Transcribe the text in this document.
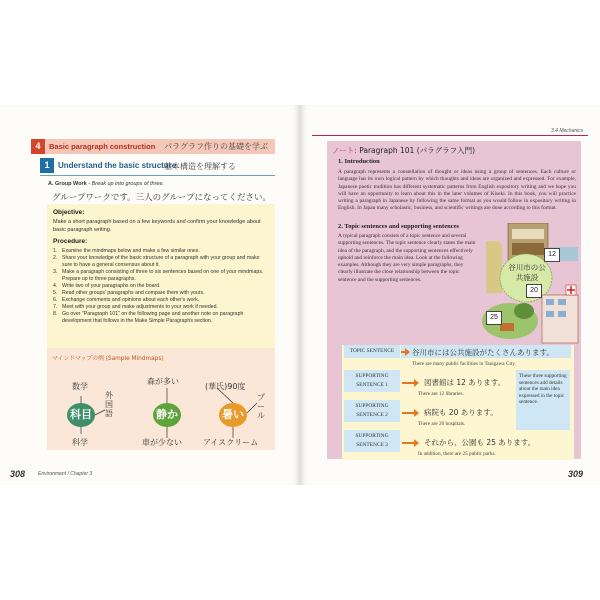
4	Basic paragraph construction パラグラフ作りの基礎を学ぶ
1	Understand the basic structure
基本構造を理解する
A. Group Work - Break up into groups of three.
グループワークです。三人のグループになってください。
Objective:
Make a short paragraph based on a few keywords and confirm your knowledge about basic paragraph writing.
Procedure:
1. Examine the mindmaps below and make a few similar ones.
2. Share your knowledge of the basic structure of a paragraph with your group and make sure to have a general consensus about it.
3. Make a paragraph consisting of three to six sentences based on one of your mindmaps. Prepare up to three paragraphs.
4. Write two of your paragraphs on the board.
5. Read other groups' paragraphs and compare them with yours.
6. Exchange comments and opinions about each other's work.
7. Meet with your group and make adjustments to your work if needed.
8. Go over "Paragraph 101" on the following page and another note on paragraph development that follows in the Make Simple Paragraphs section.
マインドマップの例 (Sample Mindmaps)
科目
数学
外国語
科学
静か
森が多い
車が少ない
暑い
(華氏)90度
プール
アイスクリーム
308	Environment / Chapter 3
3.4 Mechanics
ノート: Paragraph 101 (パラグラフ入門)
1. Introduction
A paragraph represents a constellation of thought or ideas using a group of sentences. Each culture or language has its own logical pattern by which thoughts and ideas are organized and expressed. For example, Japanese poetic tradition has different systematic patterns from English expository writing and we hope you will have an opportunity to learn about this in the later volumes of Kiseki. In this book, you will practice writing a paragraph in Japanese by following the same format as you would follow in expository writing in English. In Japan many scholastic, business, and scientific writings are done according to this format.
2. Topic sentences and supporting sentences
A typical paragraph consists of a topic sentence and several supporting sentences. The topic sentence clearly states the main idea of the paragraph, and the supporting sentences effectively uphold and reinforce the main idea. Look at the following examples. Although they are very simple paragraphs, they clearly illustrate the close relationship between the topic sentence and the supporting sentences.
谷川市の公共施設
12
20
25
TOPIC SENTENCE	谷川市には公共施設がたくさんあります。
There are many public facilities in Tanigawa City.
SUPPORTING SENTENCE 1	図書館は 12 あります。
There are 12 libraries.
SUPPORTING SENTENCE 2	病院も 20 あります。
There are 20 hospitals.
SUPPORTING SENTENCE 3	それから、公園も 25 あります。
In addition, there are 25 public parks.
These three supporting sentences add details about the main idea expressed in the topic sentence.
309
